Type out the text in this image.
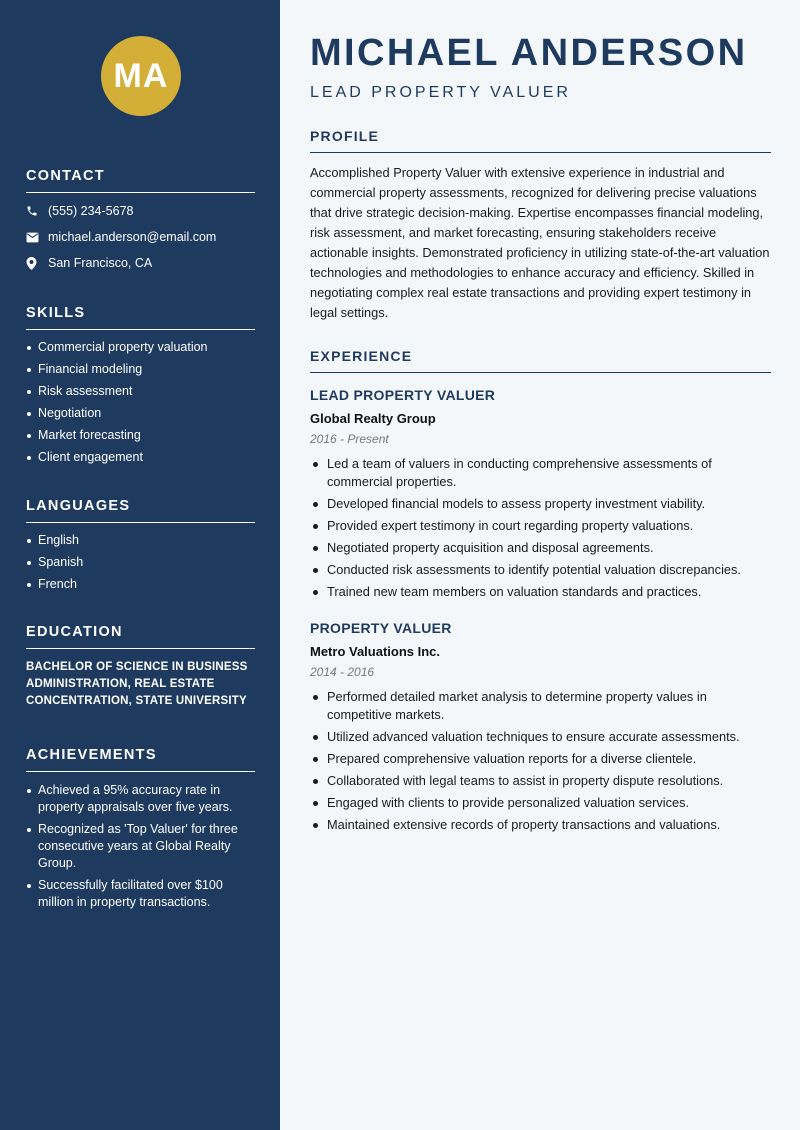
MA
CONTACT
(555) 234-5678
michael.anderson@email.com
San Francisco, CA
SKILLS
Commercial property valuation
Financial modeling
Risk assessment
Negotiation
Market forecasting
Client engagement
LANGUAGES
English
Spanish
French
EDUCATION
BACHELOR OF SCIENCE IN BUSINESS ADMINISTRATION, REAL ESTATE CONCENTRATION, STATE UNIVERSITY
ACHIEVEMENTS
Achieved a 95% accuracy rate in property appraisals over five years.
Recognized as 'Top Valuer' for three consecutive years at Global Realty Group.
Successfully facilitated over $100 million in property transactions.
MICHAEL ANDERSON
LEAD PROPERTY VALUER
PROFILE
Accomplished Property Valuer with extensive experience in industrial and commercial property assessments, recognized for delivering precise valuations that drive strategic decision-making. Expertise encompasses financial modeling, risk assessment, and market forecasting, ensuring stakeholders receive actionable insights. Demonstrated proficiency in utilizing state-of-the-art valuation technologies and methodologies to enhance accuracy and efficiency. Skilled in negotiating complex real estate transactions and providing expert testimony in legal settings.
EXPERIENCE
LEAD PROPERTY VALUER
Global Realty Group
2016 - Present
Led a team of valuers in conducting comprehensive assessments of commercial properties.
Developed financial models to assess property investment viability.
Provided expert testimony in court regarding property valuations.
Negotiated property acquisition and disposal agreements.
Conducted risk assessments to identify potential valuation discrepancies.
Trained new team members on valuation standards and practices.
PROPERTY VALUER
Metro Valuations Inc.
2014 - 2016
Performed detailed market analysis to determine property values in competitive markets.
Utilized advanced valuation techniques to ensure accurate assessments.
Prepared comprehensive valuation reports for a diverse clientele.
Collaborated with legal teams to assist in property dispute resolutions.
Engaged with clients to provide personalized valuation services.
Maintained extensive records of property transactions and valuations.
